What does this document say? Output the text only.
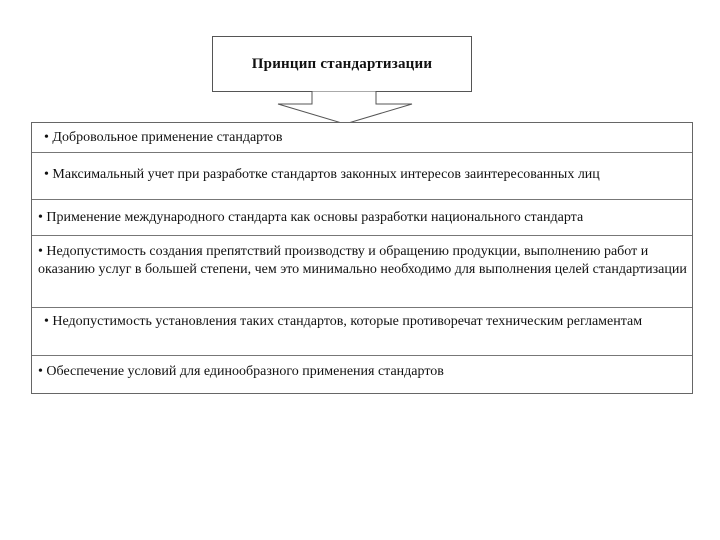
Принцип стандартизации
• Добровольное применение стандартов
• Максимальный учет при разработке стандартов законных интересов заинтересованных лиц
• Применение международного стандарта как основы разработки национального стандарта
• Недопустимость создания препятствий производству и обращению продукции, выполнению работ и оказанию услуг в большей степени, чем это минимально необходимо для выполнения целей стандартизации
• Недопустимость установления таких стандартов, которые противоречат техническим регламентам
• Обеспечение условий для единообразного применения стандартов
